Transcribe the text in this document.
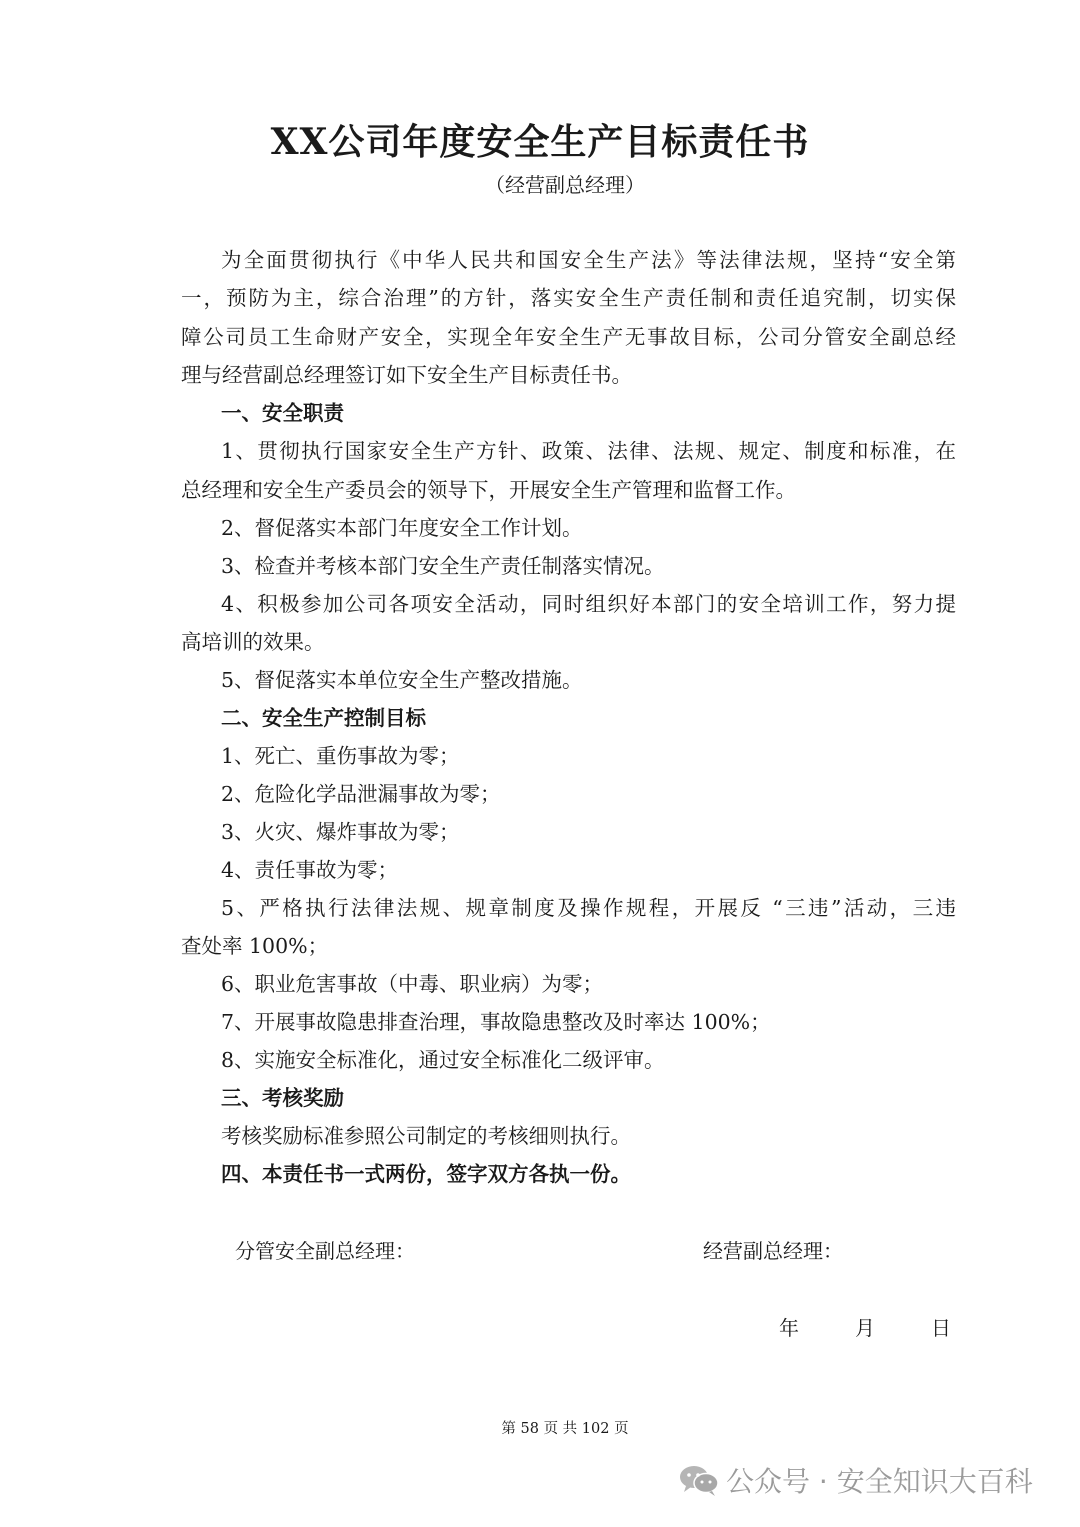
XX公司年度安全生产目标责任书
（经营副总经理）
为全面贯彻执行《中华人民共和国安全生产法》等法律法规，坚持“安全第
一，预防为主，综合治理”的方针，落实安全生产责任制和责任追究制，切实保
障公司员工生命财产安全，实现全年安全生产无事故目标，公司分管安全副总经
理与经营副总经理签订如下安全生产目标责任书。
一、安全职责
1、贯彻执行国家安全生产方针、政策、法律、法规、规定、制度和标准，在
总经理和安全生产委员会的领导下，开展安全生产管理和监督工作。
2、督促落实本部门年度安全工作计划。
3、检查并考核本部门安全生产责任制落实情况。
4、积极参加公司各项安全活动，同时组织好本部门的安全培训工作，努力提
高培训的效果。
5、督促落实本单位安全生产整改措施。
二、安全生产控制目标
1、死亡、重伤事故为零；
2、危险化学品泄漏事故为零；
3、火灾、爆炸事故为零；
4、责任事故为零；
5、严格执行法律法规、规章制度及操作规程，开展反 “三违”活动，三违
查处率 100%；
6、职业危害事故（中毒、职业病）为零；
7、开展事故隐患排查治理，事故隐患整改及时率达 100%；
8、实施安全标准化，通过安全标准化二级评审。
三、考核奖励
考核奖励标准参照公司制定的考核细则执行。
四、本责任书一式两份，签字双方各执一份。
分管安全副总经理：	经营副总经理：
年	月	日
第 58 页 共 102 页
公众号 · 安全知识大百科
